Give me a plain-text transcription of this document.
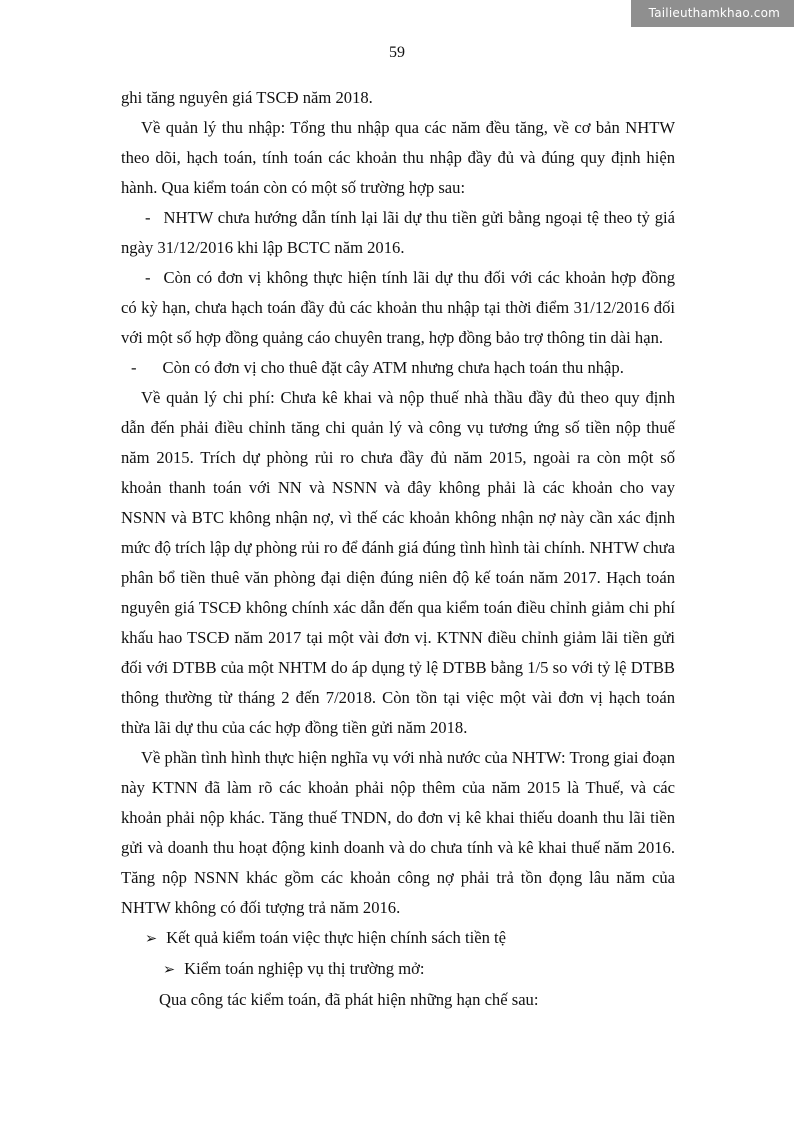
Tailieuthamkhao.com
59

ghi tăng nguyên giá TSCĐ năm 2018.

Về quản lý thu nhập: Tổng thu nhập qua các năm đều tăng, về cơ bản NHTW theo dõi, hạch toán, tính toán các khoản thu nhập đầy đủ và đúng quy định hiện hành. Qua kiểm toán còn có một số trường hợp sau:

- NHTW chưa hướng dẫn tính lại lãi dự thu tiền gửi bằng ngoại tệ theo tỷ giá ngày 31/12/2016 khi lập BCTC năm 2016.

- Còn có đơn vị không thực hiện tính lãi dự thu đối với các khoản hợp đồng có kỳ hạn, chưa hạch toán đầy đủ các khoản thu nhập tại thời điểm 31/12/2016 đối với một số hợp đồng quảng cáo chuyên trang, hợp đồng bảo trợ thông tin dài hạn.

- Còn có đơn vị cho thuê đặt cây ATM nhưng chưa hạch toán thu nhập.

Về quản lý chi phí: Chưa kê khai và nộp thuế nhà thầu đầy đủ theo quy định dẫn đến phải điều chỉnh tăng chi quản lý và công vụ tương ứng số tiền nộp thuế năm 2015. Trích dự phòng rủi ro chưa đầy đủ năm 2015, ngoài ra còn một số khoản thanh toán với NN và NSNN và đây không phải là các khoản cho vay NSNN và BTC không nhận nợ, vì thế các khoản không nhận nợ này cần xác định mức độ trích lập dự phòng rủi ro để đánh giá đúng tình hình tài chính. NHTW chưa phân bổ tiền thuê văn phòng đại diện đúng niên độ kế toán năm 2017. Hạch toán nguyên giá TSCĐ không chính xác dẫn đến qua kiểm toán điều chỉnh giảm chi phí khấu hao TSCĐ năm 2017 tại một vài đơn vị. KTNN điều chỉnh giảm lãi tiền gửi đối với DTBB của một NHTM do áp dụng tỷ lệ DTBB bằng 1/5 so với tỷ lệ DTBB thông thường từ tháng 2 đến 7/2018. Còn tồn tại việc một vài đơn vị hạch toán thừa lãi dự thu của các hợp đồng tiền gửi năm 2018.

Về phần tình hình thực hiện nghĩa vụ với nhà nước của NHTW: Trong giai đoạn này KTNN đã làm rõ các khoản phải nộp thêm của năm 2015 là Thuế, và các khoản phải nộp khác. Tăng thuế TNDN, do đơn vị kê khai thiếu doanh thu lãi tiền gửi và doanh thu hoạt động kinh doanh và do chưa tính và kê khai thuế năm 2016. Tăng nộp NSNN khác gồm các khoản công nợ phải trả tồn đọng lâu năm của NHTW không có đối tượng trả năm 2016.

➢ Kết quả kiểm toán việc thực hiện chính sách tiền tệ

➢ Kiểm toán nghiệp vụ thị trường mở:

Qua công tác kiểm toán, đã phát hiện những hạn chế sau:
